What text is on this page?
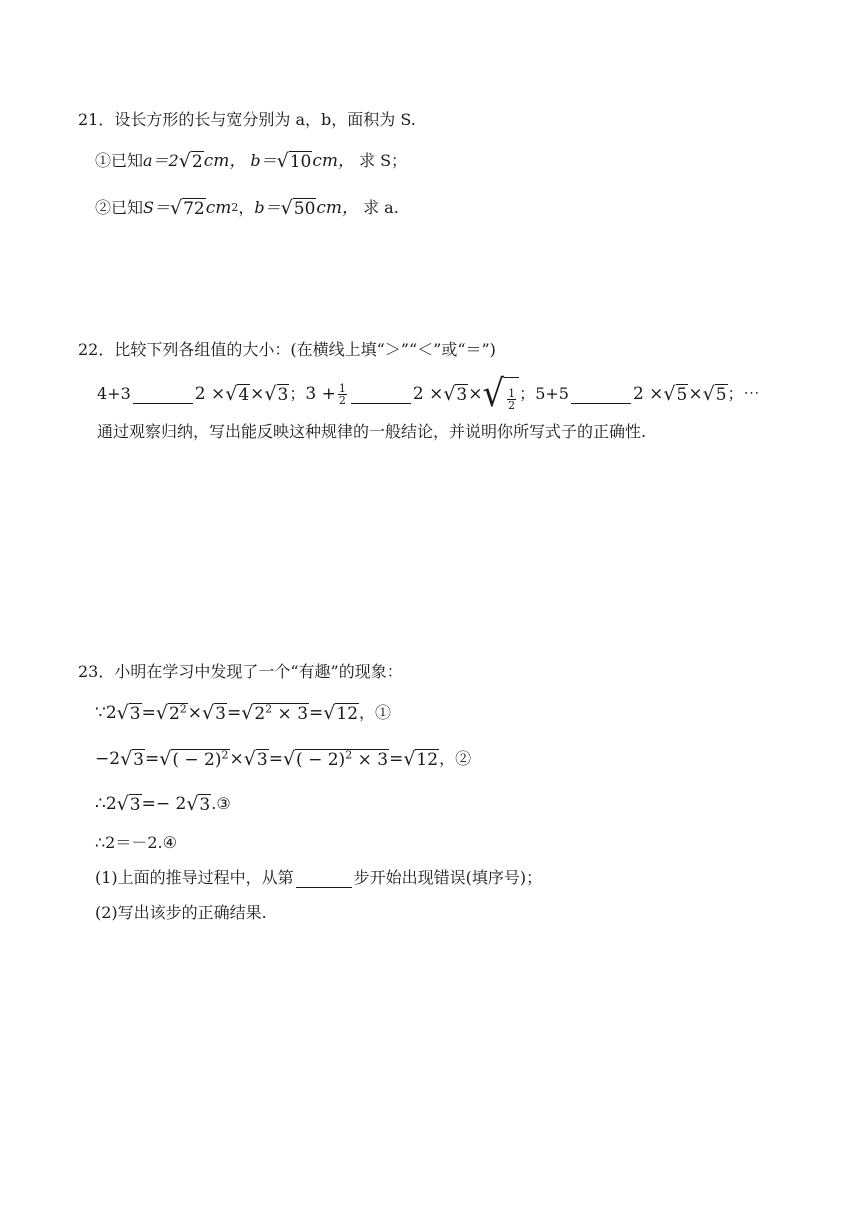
21．设长方形的长与宽分别为 a，b，面积为 S.
①已知 a＝2 √ 2 cm， b＝ √ 10 cm， 求 S；
②已知 S＝ √ 72 cm 2 ， b＝ √ 50 cm， 求 a.
22．比较下列各组值的大小：(在横线上填“＞”“＜”或“＝”)
4+3	2 × √ 4 × √ 3 ； $3 + \frac{1}{2}$	2 × √ 3 × √ $\frac{1}{2}$ ； 5+5	2 × √ 5 × √ 5 ；⋯
通过观察归纳，写出能反映这种规律的一般结论，并说明你所写式子的正确性.
23．小明在学习中发现了一个“有趣”的现象：
∵ 2 √ 3 = √ $2^2$ × √ 3 = √ $2^2 \times 3$ = √ 12 ，①
−2 √ 3 = √ ( − 2)$^2$ × √ 3 = √ ( − 2)$^2$ × 3 = √ 12 ，②
∴ 2 √ 3 =− 2 √ 3 .③
∴2＝－2.④
(1)上面的推导过程中，从第	步开始出现错误(填序号)；
(2)写出该步的正确结果.
